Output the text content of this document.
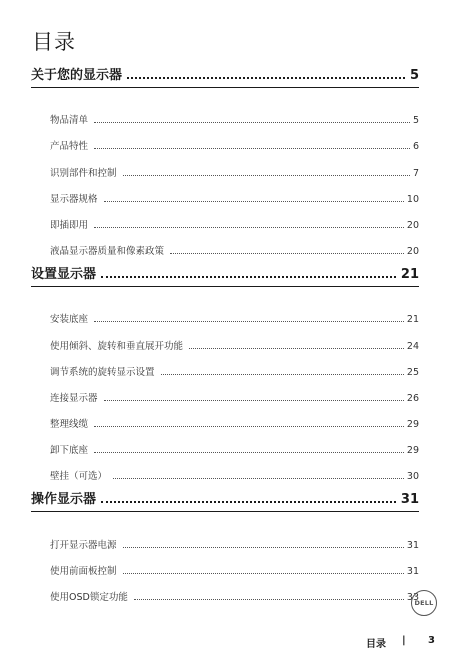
目录
关于您的显示器	5
物品清单	5
产品特性	6
识别部件和控制	7
显示器规格	10
即插即用	20
液晶显示器质量和像素政策	20
设置显示器	21
安装底座	21
使用倾斜、旋转和垂直展开功能	24
调节系统的旋转显示设置	25
连接显示器	26
整理线缆	29
卸下底座	29
壁挂（可选）	30
操作显示器	31
打开显示器电源	31
使用前面板控制	31
使用OSD锁定功能	33
DELL
目录 | 3
